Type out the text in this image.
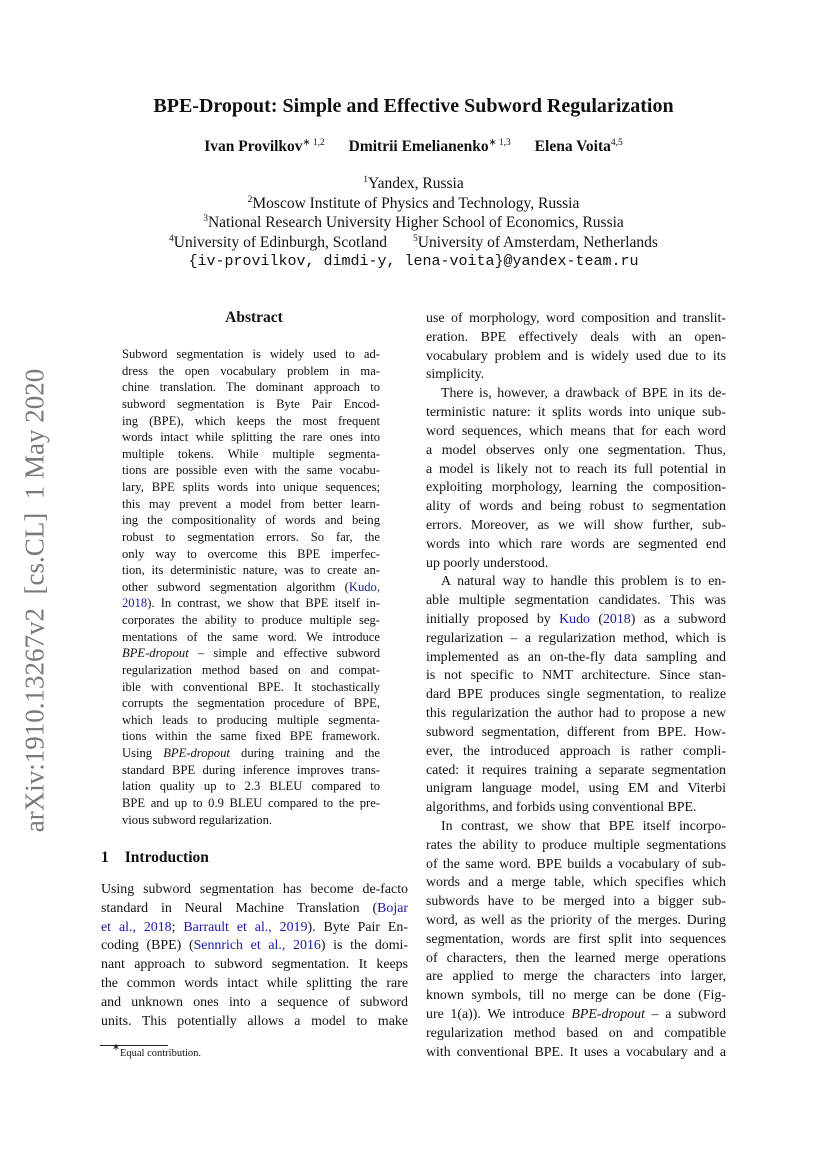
arXiv:1910.13267v2  [cs.CL]  1 May 2020
BPE-Dropout: Simple and Effective Subword Regularization
Ivan Provilkov$^{∗ 1,2}$ Dmitrii Emelianenko$^{∗ 1,3}$ Elena Voita$^{4,5}$
$^1$Yandex, Russia
$^2$Moscow Institute of Physics and Technology, Russia
$^3$National Research University Higher School of Economics, Russia
$^4$University of Edinburgh, Scotland	$^5$University of Amsterdam, Netherlands
{iv-provilkov, dimdi-y, lena-voita}@yandex-team.ru
Abstract
Subword segmentation is widely used to ad-
dress the open vocabulary problem in ma-
chine translation. The dominant approach to
subword segmentation is Byte Pair Encod-
ing (BPE), which keeps the most frequent
words intact while splitting the rare ones into
multiple tokens. While multiple segmenta-
tions are possible even with the same vocabu-
lary, BPE splits words into unique sequences;
this may prevent a model from better learn-
ing the compositionality of words and being
robust to segmentation errors. So far, the
only way to overcome this BPE imperfec-
tion, its deterministic nature, was to create an-
other subword segmentation algorithm (Kudo,
2018). In contrast, we show that BPE itself in-
corporates the ability to produce multiple seg-
mentations of the same word. We introduce
BPE-dropout – simple and effective subword
regularization method based on and compat-
ible with conventional BPE. It stochastically
corrupts the segmentation procedure of BPE,
which leads to producing multiple segmenta-
tions within the same fixed BPE framework.
Using BPE-dropout during training and the
standard BPE during inference improves trans-
lation quality up to 2.3 BLEU compared to
BPE and up to 0.9 BLEU compared to the pre-
vious subword regularization.
1 Introduction
Using subword segmentation has become de-facto
standard in Neural Machine Translation (Bojar
et al., 2018; Barrault et al., 2019). Byte Pair En-
coding (BPE) (Sennrich et al., 2016) is the domi-
nant approach to subword segmentation. It keeps
the common words intact while splitting the rare
and unknown ones into a sequence of subword
units. This potentially allows a model to make
use of morphology, word composition and translit-
eration. BPE effectively deals with an open-
vocabulary problem and is widely used due to its
simplicity.
There is, however, a drawback of BPE in its de-
terministic nature: it splits words into unique sub-
word sequences, which means that for each word
a model observes only one segmentation. Thus,
a model is likely not to reach its full potential in
exploiting morphology, learning the composition-
ality of words and being robust to segmentation
errors. Moreover, as we will show further, sub-
words into which rare words are segmented end
up poorly understood.
A natural way to handle this problem is to en-
able multiple segmentation candidates. This was
initially proposed by Kudo (2018) as a subword
regularization – a regularization method, which is
implemented as an on-the-fly data sampling and
is not specific to NMT architecture. Since stan-
dard BPE produces single segmentation, to realize
this regularization the author had to propose a new
subword segmentation, different from BPE. How-
ever, the introduced approach is rather compli-
cated: it requires training a separate segmentation
unigram language model, using EM and Viterbi
algorithms, and forbids using conventional BPE.
In contrast, we show that BPE itself incorpo-
rates the ability to produce multiple segmentations
of the same word. BPE builds a vocabulary of sub-
words and a merge table, which specifies which
subwords have to be merged into a bigger sub-
word, as well as the priority of the merges. During
segmentation, words are first split into sequences
of characters, then the learned merge operations
are applied to merge the characters into larger,
known symbols, till no merge can be done (Fig-
ure 1(a)). We introduce BPE-dropout – a subword
regularization method based on and compatible
with conventional BPE. It uses a vocabulary and a
∗Equal contribution.
